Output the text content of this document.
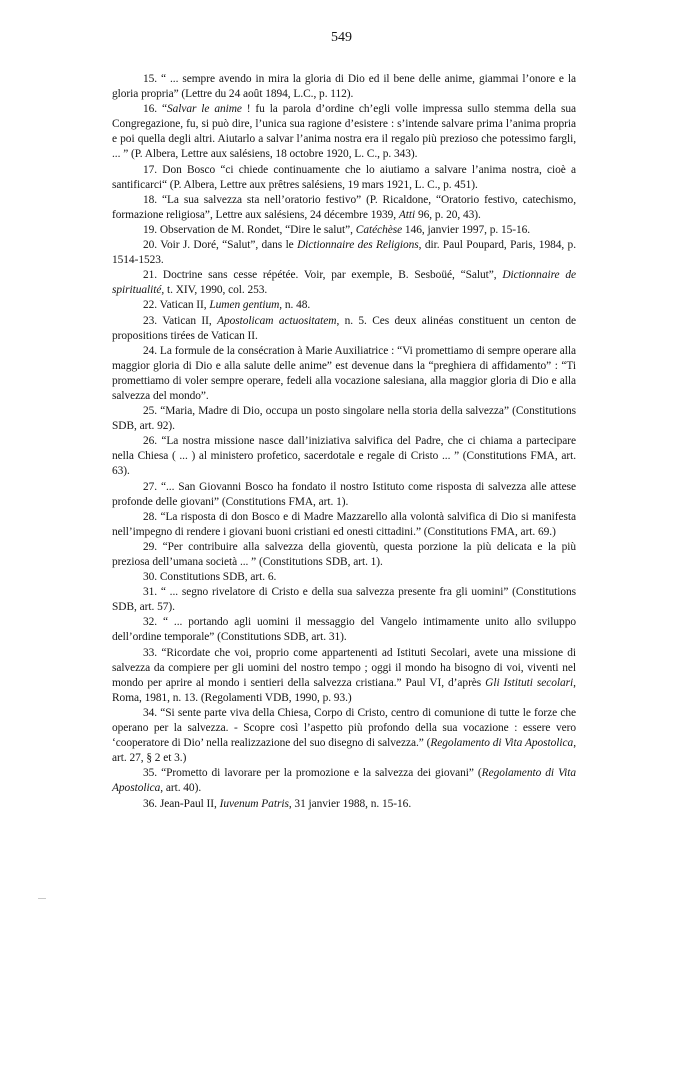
549

15. “ ... sempre avendo in mira la gloria di Dio ed il bene delle anime, giammai l’onore e la gloria propria” (Lettre du 24 août 1894, L.C., p. 112).

16. “Salvar le anime ! fu la parola d’ordine ch’egli volle impressa sullo stemma della sua Congregazione, fu, si può dire, l’unica sua ragione d’esistere : s’intende salvare prima l’anima propria e poi quella degli altri. Aiutarlo a salvar l’anima nostra era il regalo più prezioso che potessimo fargli, ... ” (P. Albera, Lettre aux salésiens, 18 octobre 1920, L. C., p. 343).

17. Don Bosco “ci chiede continuamente che lo aiutiamo a salvare l’anima nostra, cioè a santificarci“ (P. Albera, Lettre aux prêtres salésiens, 19 mars 1921, L. C., p. 451).

18. “La sua salvezza sta nell’oratorio festivo” (P. Ricaldone, “Oratorio festivo, catechismo, formazione religiosa”, Lettre aux salésiens, 24 décembre 1939, Atti 96, p. 20, 43).

19. Observation de M. Rondet, “Dire le salut”, Catéchèse 146, janvier 1997, p. 15-16.

20. Voir J. Doré, “Salut”, dans le Dictionnaire des Religions, dir. Paul Poupard, Paris, 1984, p. 1514-1523.

21. Doctrine sans cesse répétée. Voir, par exemple, B. Sesboüé, “Salut”, Dictionnaire de spiritualité, t. XIV, 1990, col. 253.

22. Vatican II, Lumen gentium, n. 48.

23. Vatican II, Apostolicam actuositatem, n. 5. Ces deux alinéas constituent un centon de propositions tirées de Vatican II.

24. La formule de la consécration à Marie Auxiliatrice : “Vi promettiamo di sempre operare alla maggior gloria di Dio e alla salute delle anime” est devenue dans la “preghiera di affidamento” : “Ti promettiamo di voler sempre operare, fedeli alla vocazione salesiana, alla maggior gloria di Dio e alla salvezza del mondo”.

25. “Maria, Madre di Dio, occupa un posto singolare nella storia della salvezza” (Constitutions SDB, art. 92).

26. “La nostra missione nasce dall’iniziativa salvifica del Padre, che ci chiama a partecipare nella Chiesa ( ... ) al ministero profetico, sacerdotale e regale di Cristo ... ” (Constitutions FMA, art. 63).

27. “... San Giovanni Bosco ha fondato il nostro Istituto come risposta di salvezza alle attese profonde delle giovani” (Constitutions FMA, art. 1).

28. “La risposta di don Bosco e di Madre Mazzarello alla volontà salvifica di Dio si manifesta nell’impegno di rendere i giovani buoni cristiani ed onesti cittadini.” (Constitutions FMA, art. 69.)

29. “Per contribuire alla salvezza della gioventù, questa porzione la più delicata e la più preziosa dell’umana società ... ” (Constitutions SDB, art. 1).

30. Constitutions SDB, art. 6.

31. “ ... segno rivelatore di Cristo e della sua salvezza presente fra gli uomini” (Constitutions SDB, art. 57).

32. “ ... portando agli uomini il messaggio del Vangelo intimamente unito allo sviluppo dell’ordine temporale” (Constitutions SDB, art. 31).

33. “Ricordate che voi, proprio come appartenenti ad Istituti Secolari, avete una missione di salvezza da compiere per gli uomini del nostro tempo ; oggi il mondo ha bisogno di voi, viventi nel mondo per aprire al mondo i sentieri della salvezza cristiana.” Paul VI, d’après Gli Istituti secolari, Roma, 1981, n. 13. (Regolamenti VDB, 1990, p. 93.)

34. “Si sente parte viva della Chiesa, Corpo di Cristo, centro di comunione di tutte le forze che operano per la salvezza. - Scopre così l’aspetto più profondo della sua vocazione : essere vero ‘cooperatore di Dio’ nella realizzazione del suo disegno di salvezza.” (Regolamento di Vita Apostolica, art. 27, § 2 et 3.)

35. “Prometto di lavorare per la promozione e la salvezza dei giovani” (Regolamento di Vita Apostolica, art. 40).

36. Jean-Paul II, Iuvenum Patris, 31 janvier 1988, n. 15-16.
